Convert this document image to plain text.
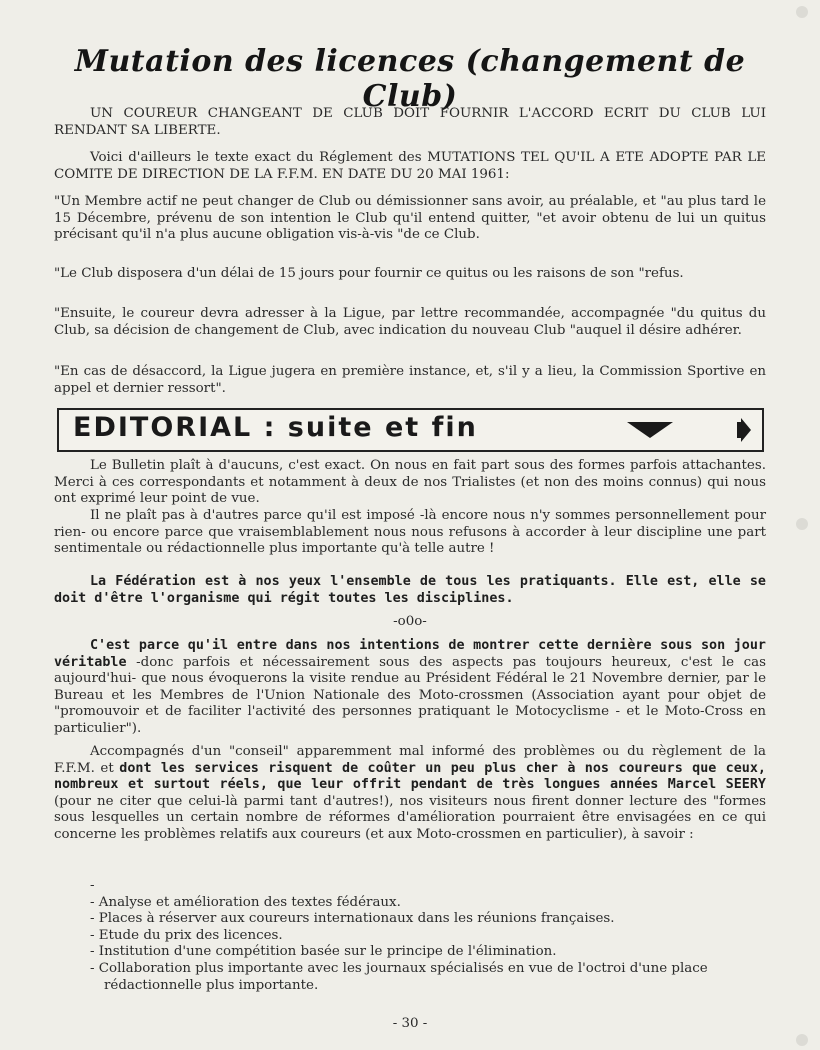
Mutation des licences (changement de Club)

UN COUREUR CHANGEANT DE CLUB DOIT FOURNIR L'ACCORD ECRIT DU CLUB LUI RENDANT SA LIBERTE.

Voici d'ailleurs le texte exact du Réglement des MUTATIONS TEL QU'IL A ETE ADOPTE PAR LE COMITE DE DIRECTION DE LA F.F.M. EN DATE DU 20 MAI 1961:

"Un Membre actif ne peut changer de Club ou démissionner sans avoir, au préalable, et "au plus tard le 15 Décembre, prévenu de son intention le Club qu'il entend quitter, "et avoir obtenu de lui un quitus précisant qu'il n'a plus aucune obligation vis-à-vis "de ce Club.

"Le Club disposera d'un délai de 15 jours pour fournir ce quitus ou les raisons de son "refus.

"Ensuite, le coureur devra adresser à la Ligue, par lettre recommandée, accompagnée "du quitus du Club, sa décision de changement de Club, avec indication du nouveau Club "auquel il désire adhérer.

"En cas de désaccord, la Ligue jugera en première instance, et, s'il y a lieu, la Commission Sportive en appel et dernier ressort".

EDITORIAL : suite et fin

Le Bulletin plaît à d'aucuns, c'est exact. On nous en fait part sous des formes parfois attachantes. Merci à ces correspondants et notamment à deux de nos Trialistes (et non des moins connus) qui nous ont exprimé leur point de vue.

Il ne plaît pas à d'autres parce qu'il est imposé -là encore nous n'y sommes personnellement pour rien- ou encore parce que vraisemblablement nous nous refusons à accorder à leur discipline une part sentimentale ou rédactionnelle plus importante qu'à telle autre !

La Fédération est à nos yeux l'ensemble de tous les pratiquants. Elle est, elle se doit d'être l'organisme qui régit toutes les disciplines.

-o0o-

C'est parce qu'il entre dans nos intentions de montrer cette dernière sous son jour véritable -donc parfois et nécessairement sous des aspects pas toujours heureux, c'est le cas aujourd'hui- que nous évoquerons la visite rendue au Président Fédéral le 21 Novembre dernier, par le Bureau et les Membres de l'Union Nationale des Moto-crossmen (Association ayant pour objet de "promouvoir et de faciliter l'activité des personnes pratiquant le Motocyclisme - et le Moto-Cross en particulier").

Accompagnés d'un "conseil" apparemment mal informé des problèmes ou du règlement de la F.F.M. et dont les services risquent de coûter un peu plus cher à nos coureurs que ceux, nombreux et surtout réels, que leur offrit pendant de très longues années Marcel SEERY (pour ne citer que celui-là parmi tant d'autres!), nos visiteurs nous firent donner lecture des "formes sous lesquelles un certain nombre de réformes d'amélioration pourraient être envisagées en ce qui concerne les problèmes relatifs aux coureurs (et aux Moto-crossmen en particulier), à savoir :

-
- Analyse et amélioration des textes fédéraux.
- Places à réserver aux coureurs internationaux dans les réunions françaises.
- Etude du prix des licences.
- Institution d'une compétition basée sur le principe de l'élimination.
- Collaboration plus importante avec les journaux spécialisés en vue de l'octroi d'une place rédactionnelle plus importante.
- 30 -
